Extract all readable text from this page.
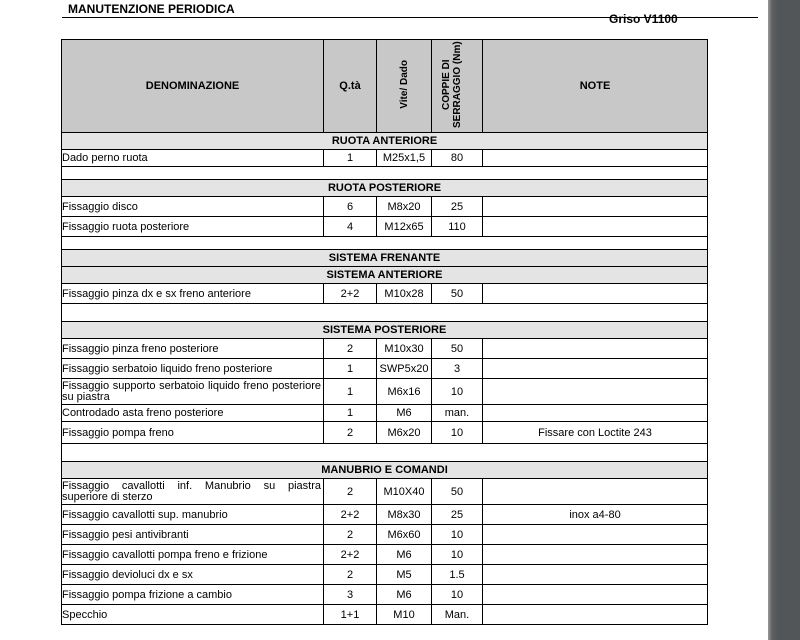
MANUTENZIONE PERIODICA
Griso V1100
DENOMINAZIONE	Q.tà	Vite/ Dado	COPPIE DI SERRAGGIO (Nm)	NOTE
RUOTA ANTERIORE				
Dado perno ruota	1	M25x1,5	80	

RUOTA POSTERIORE				
Fissaggio disco	6	M8x20	25	
Fissaggio ruota posteriore	4	M12x65	110	

SISTEMA FRENANTE				
SISTEMA ANTERIORE				
Fissaggio pinza dx e sx freno anteriore	2+2	M10x28	50	

SISTEMA POSTERIORE				
Fissaggio pinza freno posteriore	2	M10x30	50	
Fissaggio serbatoio liquido freno posteriore	1	SWP5x20	3	
Fissaggio supporto serbatoio liquido freno posteriore su piastra	1	M6x16	10	
Controdado asta freno posteriore	1	M6	man.	
Fissaggio pompa freno	2	M6x20	10	Fissare con Loctite 243

MANUBRIO E COMANDI				
Fissaggio cavallotti inf. Manubrio su piastra superiore di sterzo	2	M10X40	50	
Fissaggio cavallotti sup. manubrio	2+2	M8x30	25	inox a4-80
Fissaggio pesi antivibranti	2	M6x60	10	
Fissaggio cavallotti pompa freno e frizione	2+2	M6	10	
Fissaggio devioluci dx e sx	2	M5	1.5	
Fissaggio pompa frizione a cambio	3	M6	10	
Specchio	1+1	M10	Man.	
